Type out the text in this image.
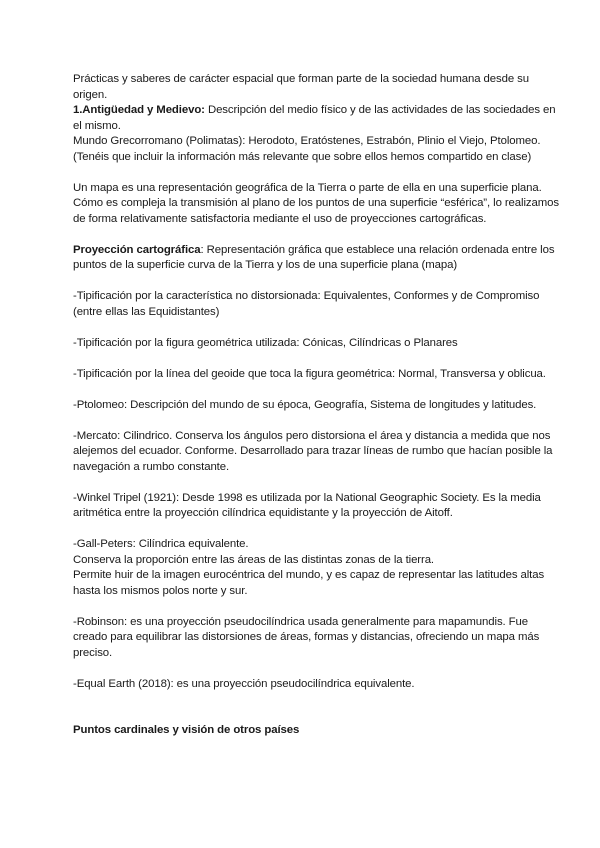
Prácticas y saberes de carácter espacial que forman parte de la sociedad humana desde su origen.

1.Antigüedad y Medievo: Descripción del medio físico y de las actividades de las sociedades en el mismo.

Mundo Grecorromano (Polimatas): Herodoto, Eratóstenes, Estrabón, Plinio el Viejo, Ptolomeo.

(Tenéis que incluir la información más relevante que sobre ellos hemos compartido en clase)

Un mapa es una representación geográfica de la Tierra o parte de ella en una superficie plana. Cómo es compleja la transmisión al plano de los puntos de una superficie “esférica”, lo realizamos de forma relativamente satisfactoria mediante el uso de proyecciones cartográficas.

Proyección cartográfica: Representación gráfica que establece una relación ordenada entre los puntos de la superficie curva de la Tierra y los de una superficie plana (mapa)

-Tipificación por la característica no distorsionada: Equivalentes, Conformes y de Compromiso (entre ellas las Equidistantes)

-Tipificación por la figura geométrica utilizada: Cónicas, Cilíndricas o Planares

-Tipificación por la línea del geoide que toca la figura geométrica: Normal, Transversa y oblicua.

-Ptolomeo: Descripción del mundo de su época, Geografía, Sistema de longitudes y latitudes.

-Mercato: Cilindrico. Conserva los ángulos pero distorsiona el área y distancia a medida que nos alejemos del ecuador. Conforme. Desarrollado para trazar líneas de rumbo que hacían posible la navegación a rumbo constante.

-Winkel Tripel (1921): Desde 1998 es utilizada por la National Geographic Society. Es la media aritmética entre la proyección cilíndrica equidistante y la proyección de Aitoff.

-Gall-Peters: Cilíndrica equivalente.

Conserva la proporción entre las áreas de las distintas zonas de la tierra.

Permite huir de la imagen eurocéntrica del mundo, y es capaz de representar las latitudes altas hasta los mismos polos norte y sur.

-Robinson: es una proyección pseudocilíndrica usada generalmente para mapamundis. Fue creado para equilibrar las distorsiones de áreas, formas y distancias, ofreciendo un mapa más preciso.

-Equal Earth (2018): es una proyección pseudocilíndrica equivalente.

Puntos cardinales y visión de otros países
